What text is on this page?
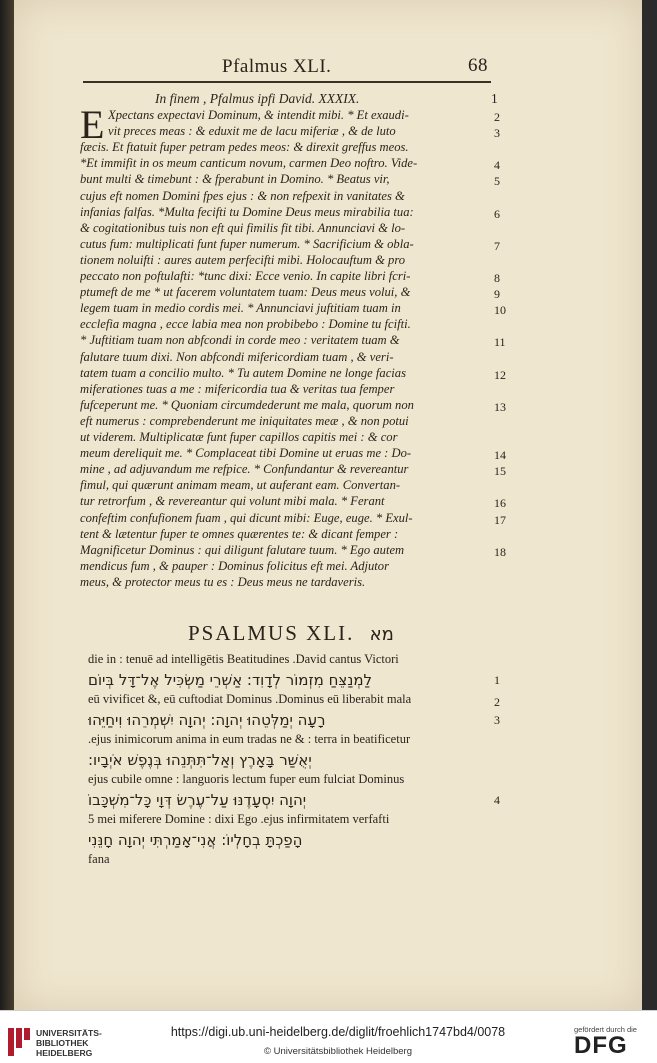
Pfalmus XLI.	68
In finem , Pfalmus ipfi David. XXXIX.	1
E Xpectans expectavi Dominum, & intendit mibi. * Et exaudi-	2
vit preces meas : & eduxit me de lacu miferiæ , & de luto	3
fæcis. Et ftatuit fuper petram pedes meos: & direxit greffus meos.
*Et immifit in os meum canticum novum, carmen Deo noftro. Vide-	4
bunt multi & timebunt : & fperabunt in Domino. * Beatus vir,	5
cujus eft nomen Domini fpes ejus : & non refpexit in vanitates &
infanias falfas. *Multa fecifti tu Domine Deus meus mirabilia tua:	6
& cogitationibus tuis non eft qui fimilis fit tibi. Annunciavi & lo-
cutus fum: multiplicati funt fuper numerum. * Sacrificium & obla-	7
tionem noluifti : aures autem perfecifti mibi. Holocauftum & pro
peccato non poftulafti: *tunc dixi: Ecce venio. In capite libri fcri-	8
ptumeft de me * ut facerem voluntatem tuam: Deus meus volui, &	9
legem tuam in medio cordis mei. * Annunciavi juftitiam tuam in	10
ecclefia magna , ecce labia mea non probibebo : Domine tu fcifti.
* Juftitiam tuam non abfcondi in corde meo : veritatem tuam &	11
falutare tuum dixi. Non abfcondi mifericordiam tuam , & veri-
tatem tuam a concilio multo. * Tu autem Domine ne longe facias	12
miferationes tuas a me : mifericordia tua & veritas tua femper
fufceperunt me. * Quoniam circumdederunt me mala, quorum non	13
eft numerus : comprebenderunt me iniquitates meæ , & non potui
ut viderem. Multiplicatæ funt fuper capillos capitis mei : & cor
meum dereliquit me. * Complaceat tibi Domine ut eruas me : Do-	14
mine , ad adjuvandum me refpice. * Confundantur & revereantur	15
fimul, qui quærunt animam meam, ut auferant eam. Convertan-
tur retrorfum , & revereantur qui volunt mibi mala. * Ferant	16
confeftim confufionem fuam , qui dicunt mibi: Euge, euge. * Exul-	17
tent & lætentur fuper te omnes quærentes te: & dicant femper :
Magnificetur Dominus : qui diligunt falutare tuum. * Ego autem	18
mendicus fum , & pauper : Dominus folicitus eft mei. Adjutor
meus, & protector meus tu es : Deus meus ne tardaveris.
PSALMUS XLI. מא
die in : tenuē ad intelligētis Beatitudines .David cantus Victori
לַמְנַצֵּחַ מִזְמוֹר לְדָוִד: אַשְׁרֵי מַשְׂכִּיל אֶל־דָּל בְּיוֹם	1
eū vivificet &, eū cuftodiat Dominus .Dominus eū liberabit mala	2
רָעָה יְמַלְּטֵהוּ יְהוָה: יְהוָה יִשְׁמְרֵהוּ וִיחַיֵּהוּ	3
.ejus inimicorum anima in eum tradas ne & : terra in beatificetur
יְאֻשַּׁר בָּאָרֶץ וְאַל־תִּתְּנֵהוּ בְּנֶפֶשׁ אֹיְבָיו:
ejus cubile omne : languoris lectum fuper eum fulciat Dominus
יְהוָה יִסְעָדֶנּוּ עַל־עֶרֶשׂ דְּוָי כָּל־מִשְׁכָּבוֹ	4
5 mei miferere Domine : dixi Ego .ejus infirmitatem verfafti
הָפַכְתָּ בְחָלְיוֹ: אֲנִי־אָמַרְתִּי יְהוָה חָנֵּנִי
fana
UNIVERSITÄTS-
BIBLIOTHEK
HEIDELBERG
https://digi.ub.uni-heidelberg.de/diglit/froehlich1747bd4/0078
© Universitätsbibliothek Heidelberg
gefördert durch die
DFG
